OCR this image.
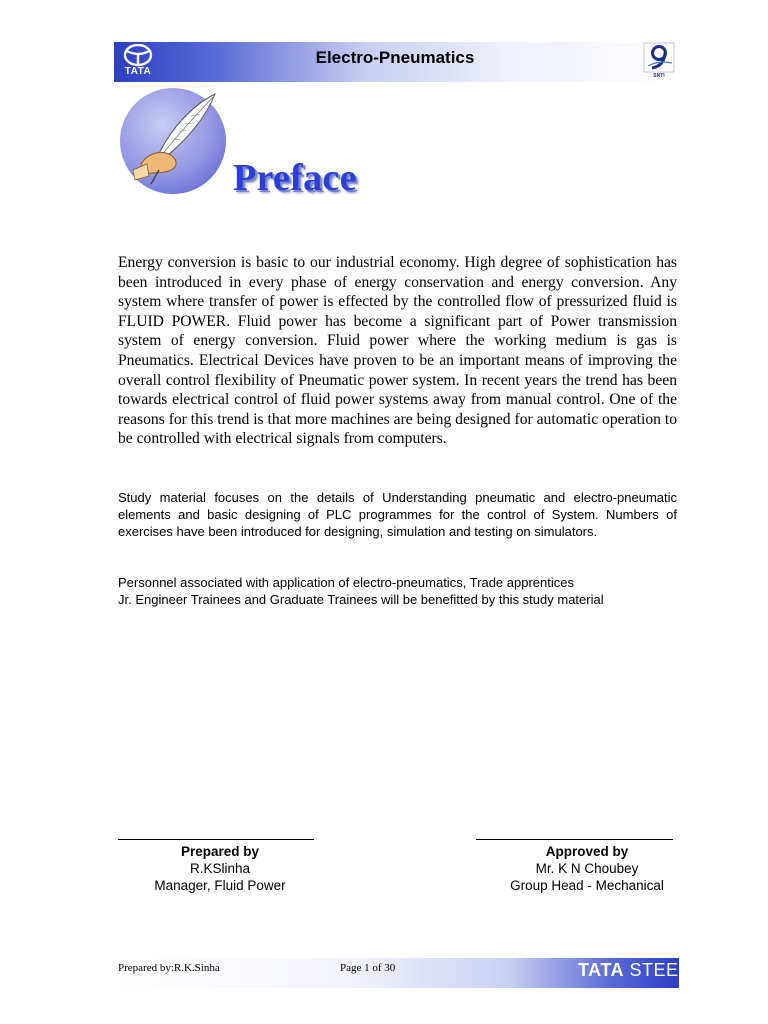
TATA
Electro-Pneumatics
SNTI
Preface

Energy conversion is basic to our industrial economy. High degree of sophistication has been introduced in every phase of energy conservation and energy conversion. Any system where transfer of power is effected by the controlled flow of pressurized fluid is FLUID POWER. Fluid power has become a significant part of Power transmission system of energy conversion. Fluid power where the working medium is gas is Pneumatics. Electrical Devices have proven to be an important means of improving the overall control flexibility of Pneumatic power system. In recent years the trend has been towards electrical control of fluid power systems away from manual control. One of the reasons for this trend is that more machines are being designed for automatic operation to be controlled with electrical signals from computers.

Study material focuses on the details of Understanding pneumatic and electro-pneumatic elements and basic designing of PLC programmes for the control of System. Numbers of exercises have been introduced for designing, simulation and testing on simulators.

Personnel associated with application of electro-pneumatics, Trade apprentices
Jr. Engineer Trainees and Graduate Trainees will be benefitted by this study material
Prepared by
R.KSlinha
Manager, Fluid Power
Approved by
Mr. K N Choubey
Group Head - Mechanical
Prepared by:R.K.Sinha	Page 1 of 30	TATA STEEL
